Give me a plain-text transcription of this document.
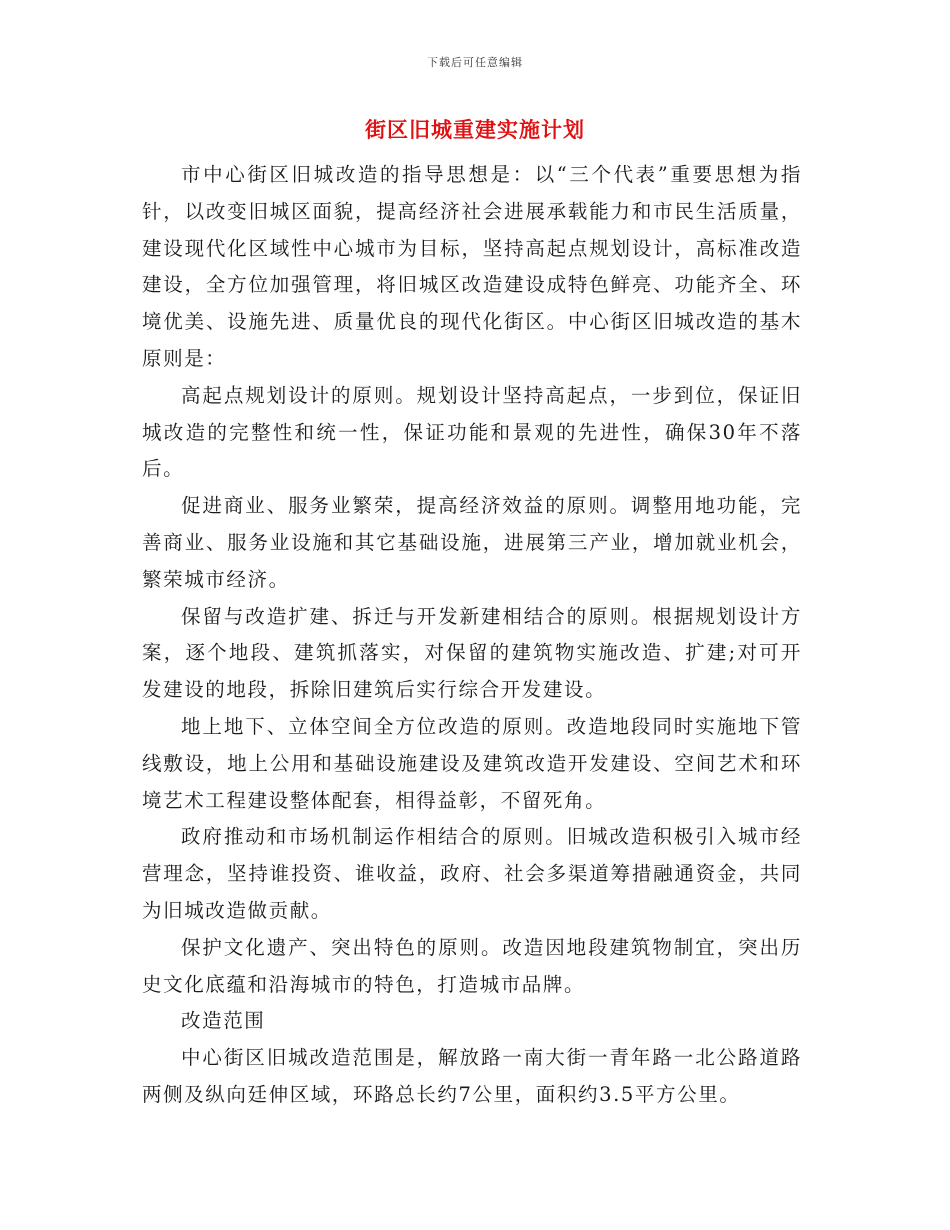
下载后可任意编辑
街区旧城重建实施计划

市中心街区旧城改造的指导思想是：以“三个代表”重要思想为指针，以改变旧城区面貌，提高经济社会进展承载能力和市民生活质量，建设现代化区域性中心城市为目标，坚持高起点规划设计，高标准改造建设，全方位加强管理，将旧城区改造建设成特色鲜亮、功能齐全、环境优美、设施先进、质量优良的现代化街区。中心街区旧城改造的基木原则是：

高起点规划设计的原则。规划设计坚持高起点，一步到位，保证旧城改造的完整性和统一性，保证功能和景观的先进性，确保30年不落后。

促进商业、服务业繁荣，提高经济效益的原则。调整用地功能，完善商业、服务业设施和其它基础设施，进展第三产业，增加就业机会，繁荣城市经济。

保留与改造扩建、拆迁与开发新建相结合的原则。根据规划设计方案，逐个地段、建筑抓落实，对保留的建筑物实施改造、扩建;对可开发建设的地段，拆除旧建筑后实行综合开发建设。

地上地下、立体空间全方位改造的原则。改造地段同时实施地下管线敷设，地上公用和基础设施建设及建筑改造开发建设、空间艺术和环境艺术工程建设整体配套，相得益彰，不留死角。

政府推动和市场机制运作相结合的原则。旧城改造积极引入城市经营理念，坚持谁投资、谁收益，政府、社会多渠道筹措融通资金，共同为旧城改造做贡献。

保护文化遗产、突出特色的原则。改造因地段建筑物制宜，突出历史文化底蕴和沿海城市的特色，打造城市品牌。

改造范围

中心街区旧城改造范围是，解放路一南大街一青年路一北公路道路两侧及纵向廷伸区域，环路总长约7公里，面积约3.5平方公里。
